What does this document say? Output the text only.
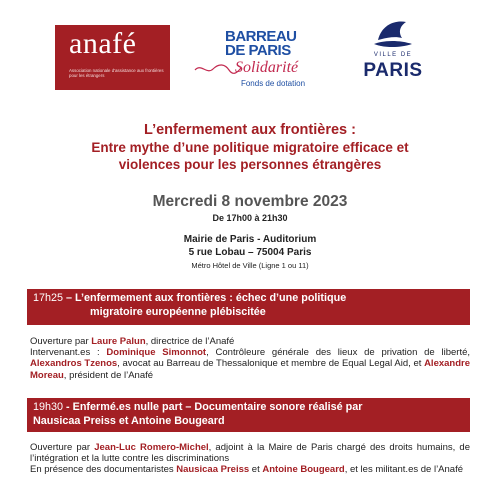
anafé
Association nationale d'assistance aux frontières pour les étrangers
BARREAU
DE PARIS
Solidarité
Fonds de dotation
VILLE DE
PARIS
L’enfermement aux frontières :
Entre mythe d’une politique migratoire efficace et
violences pour les personnes étrangères
Mercredi 8 novembre 2023
De 17h00 à 21h30
Mairie de Paris - Auditorium
5 rue Lobau – 75004 Paris
Métro Hôtel de Ville (Ligne 1 ou 11)
17h25 – L’enfermement aux frontières : échec d’une politique
migratoire européenne plébiscitée
Ouverture par Laure Palun, directrice de l’Anafé
Intervenant.es : Dominique Simonnot, Contrôleure générale des lieux de privation de liberté, Alexandros Tzenos, avocat au Barreau de Thessalonique et membre de Equal Legal Aid, et Alexandre Moreau, président de l’Anafé
19h30 - Enfermé.es nulle part – Documentaire sonore réalisé par
Nausicaa Preiss et Antoine Bougeard
Ouverture par Jean-Luc Romero-Michel, adjoint à la Maire de Paris chargé des droits humains, de l’intégration et la lutte contre les discriminations
En présence des documentaristes Nausicaa Preiss et Antoine Bougeard, et les militant.es de l’Anafé
